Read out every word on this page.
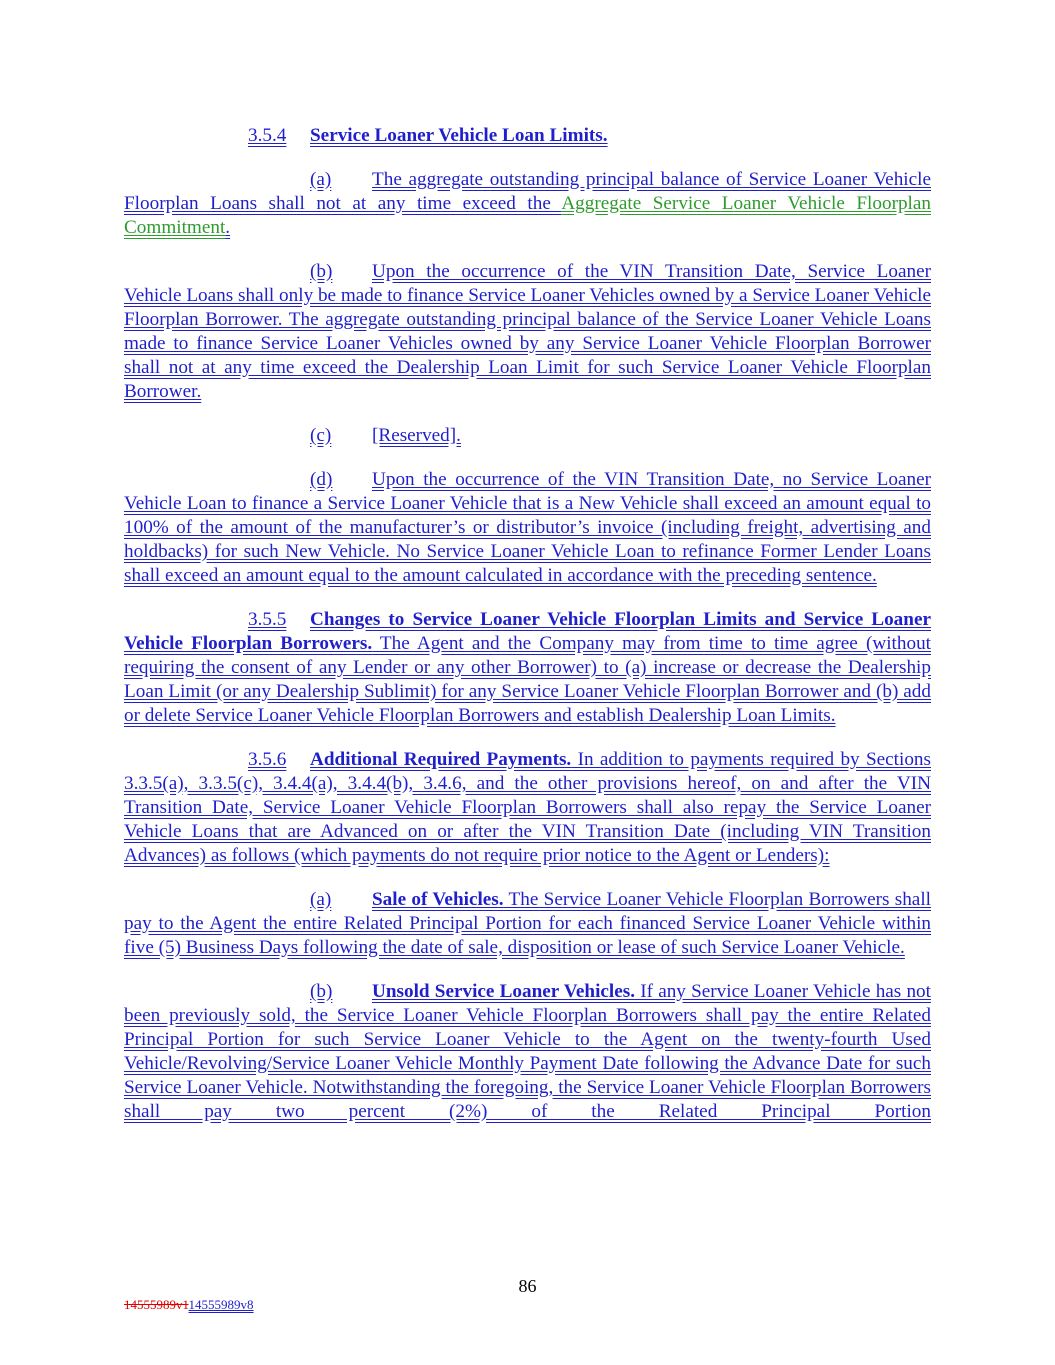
3.5.4 Service Loaner Vehicle Loan Limits.

(a) The aggregate outstanding principal balance of Service Loaner Vehicle Floorplan Loans shall not at any time exceed the Aggregate Service Loaner Vehicle Floorplan Commitment.

(b) Upon the occurrence of the VIN Transition Date, Service Loaner Vehicle Loans shall only be made to finance Service Loaner Vehicles owned by a Service Loaner Vehicle Floorplan Borrower. The aggregate outstanding principal balance of the Service Loaner Vehicle Loans made to finance Service Loaner Vehicles owned by any Service Loaner Vehicle Floorplan Borrower shall not at any time exceed the Dealership Loan Limit for such Service Loaner Vehicle Floorplan Borrower.

(c) [Reserved].

(d) Upon the occurrence of the VIN Transition Date, no Service Loaner Vehicle Loan to finance a Service Loaner Vehicle that is a New Vehicle shall exceed an amount equal to 100% of the amount of the manufacturer’s or distributor’s invoice (including freight, advertising and holdbacks) for such New Vehicle. No Service Loaner Vehicle Loan to refinance Former Lender Loans shall exceed an amount equal to the amount calculated in accordance with the preceding sentence.

3.5.5 Changes to Service Loaner Vehicle Floorplan Limits and Service Loaner Vehicle Floorplan Borrowers. The Agent and the Company may from time to time agree (without requiring the consent of any Lender or any other Borrower) to (a) increase or decrease the Dealership Loan Limit (or any Dealership Sublimit) for any Service Loaner Vehicle Floorplan Borrower and (b) add or delete Service Loaner Vehicle Floorplan Borrowers and establish Dealership Loan Limits.

3.5.6 Additional Required Payments. In addition to payments required by Sections 3.3.5(a), 3.3.5(c), 3.4.4(a), 3.4.4(b), 3.4.6, and the other provisions hereof, on and after the VIN Transition Date, Service Loaner Vehicle Floorplan Borrowers shall also repay the Service Loaner Vehicle Loans that are Advanced on or after the VIN Transition Date (including VIN Transition Advances) as follows (which payments do not require prior notice to the Agent or Lenders):

(a) Sale of Vehicles. The Service Loaner Vehicle Floorplan Borrowers shall pay to the Agent the entire Related Principal Portion for each financed Service Loaner Vehicle within five (5) Business Days following the date of sale, disposition or lease of such Service Loaner Vehicle.

(b) Unsold Service Loaner Vehicles. If any Service Loaner Vehicle has not been previously sold, the Service Loaner Vehicle Floorplan Borrowers shall pay the entire Related Principal Portion for such Service Loaner Vehicle to the Agent on the twenty-fourth Used Vehicle/Revolving/Service Loaner Vehicle Monthly Payment Date following the Advance Date for such Service Loaner Vehicle. Notwithstanding the foregoing, the Service Loaner Vehicle Floorplan Borrowers shall pay two percent (2%) of the Related Principal Portion

86
14555989v114555989v8
